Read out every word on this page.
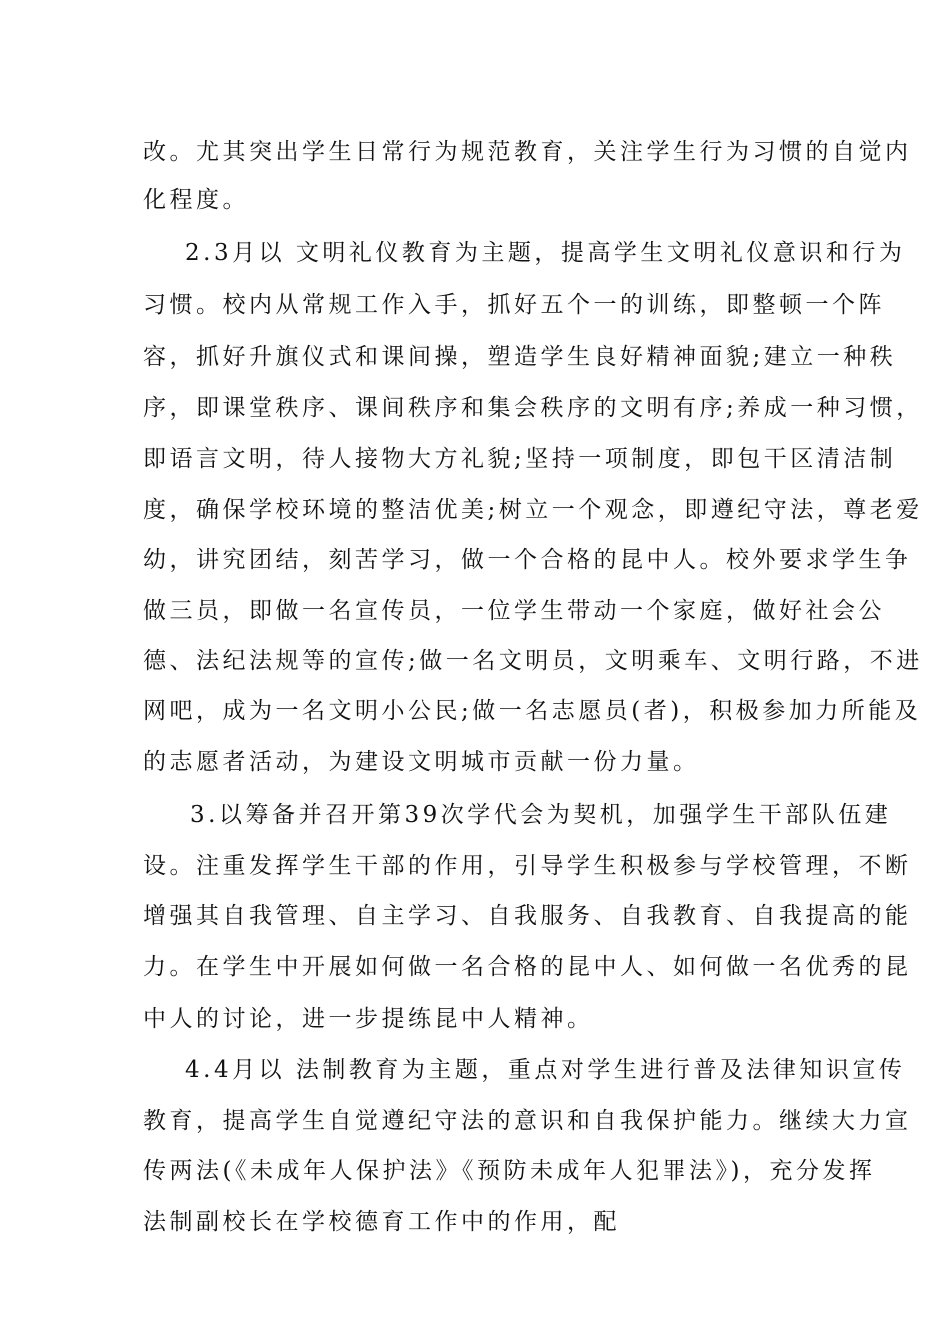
改。尤其突出学生日常行为规范教育，关注学生行为习惯的自觉内
化程度。
2.3月以 文明礼仪教育为主题，提高学生文明礼仪意识和行为
习惯。校内从常规工作入手，抓好五个一的训练，即整顿一个阵
容，抓好升旗仪式和课间操，塑造学生良好精神面貌;建立一种秩
序，即课堂秩序、课间秩序和集会秩序的文明有序;养成一种习惯，
即语言文明，待人接物大方礼貌;坚持一项制度，即包干区清洁制
度，确保学校环境的整洁优美;树立一个观念，即遵纪守法，尊老爱
幼，讲究团结，刻苦学习，做一个合格的昆中人。校外要求学生争
做三员，即做一名宣传员，一位学生带动一个家庭，做好社会公
德、法纪法规等的宣传;做一名文明员，文明乘车、文明行路，不进
网吧，成为一名文明小公民;做一名志愿员(者)，积极参加力所能及
的志愿者活动，为建设文明城市贡献一份力量。
3.以筹备并召开第39次学代会为契机，加强学生干部队伍建
设。注重发挥学生干部的作用，引导学生积极参与学校管理，不断
增强其自我管理、自主学习、自我服务、自我教育、自我提高的能
力。在学生中开展如何做一名合格的昆中人、如何做一名优秀的昆
中人的讨论，进一步提练昆中人精神。
4.4月以 法制教育为主题，重点对学生进行普及法律知识宣传
教育，提高学生自觉遵纪守法的意识和自我保护能力。继续大力宣
传两法(《未成年人保护法》《预防未成年人犯罪法》)，充分发挥
法制副校长在学校德育工作中的作用，配
